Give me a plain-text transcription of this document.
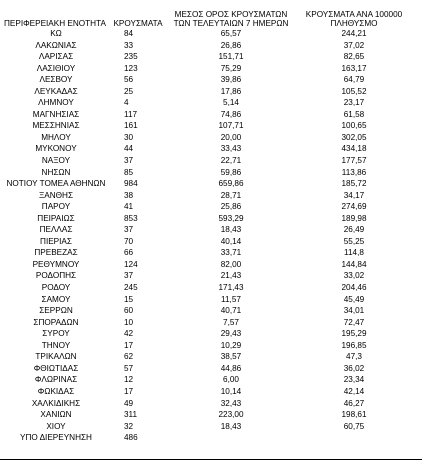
ΠΕΡΙΦΕΡΕΙΑΚΗ ΕΝΟΤΗΤΑ	ΚΡΟΥΣΜΑΤΑ	ΜΕΣΟΣ ΟΡΟΣ ΚΡΟΥΣΜΑΤΩΝ ΤΩΝ ΤΕΛΕΥΤΑΙΩΝ 7 ΗΜΕΡΩΝ	ΚΡΟΥΣΜΑΤΑ ΑΝΑ 100000 ΠΛΗΘΥΣΜΟ
ΚΩ	84	65,57	244,21
ΛΑΚΩΝΙΑΣ	33	26,86	37,02
ΛΑΡΙΣΑΣ	235	151,71	82,65
ΛΑΣΙΘΙΟΥ	123	75,29	163,17
ΛΕΣΒΟΥ	56	39,86	64,79
ΛΕΥΚΑΔΑΣ	25	17,86	105,52
ΛΗΜΝΟΥ	4	5,14	23,17
ΜΑΓΝΗΣΙΑΣ	117	74,86	61,58
ΜΕΣΣΗΝΙΑΣ	161	107,71	100,65
ΜΗΛΟΥ	30	20,00	302,05
ΜΥΚΟΝΟΥ	44	33,43	434,18
ΝΑΞΟΥ	37	22,71	177,57
ΝΗΣΩΝ	85	59,86	113,86
ΝΟΤΙΟΥ ΤΟΜΕΑ ΑΘΗΝΩΝ	984	659,86	185,72
ΞΑΝΘΗΣ	38	28,71	34,17
ΠΑΡΟΥ	41	25,86	274,69
ΠΕΙΡΑΙΩΣ	853	593,29	189,98
ΠΕΛΛΑΣ	37	18,43	26,49
ΠΙΕΡΙΑΣ	70	40,14	55,25
ΠΡΕΒΕΖΑΣ	66	33,71	114,8
ΡΕΘΥΜΝΟΥ	124	82,00	144,84
ΡΟΔΟΠΗΣ	37	21,43	33,02
ΡΟΔΟΥ	245	171,43	204,46
ΣΑΜΟΥ	15	11,57	45,49
ΣΕΡΡΩΝ	60	40,71	34,01
ΣΠΟΡΑΔΩΝ	10	7,57	72,47
ΣΥΡΟΥ	42	29,43	195,29
ΤΗΝΟΥ	17	10,29	196,85
ΤΡΙΚΑΛΩΝ	62	38,57	47,3
ΦΘΙΩΤΙΔΑΣ	57	44,86	36,02
ΦΛΩΡΙΝΑΣ	12	6,00	23,34
ΦΩΚΙΔΑΣ	17	10,14	42,14
ΧΑΛΚΙΔΙΚΗΣ	49	32,43	46,27
ΧΑΝΙΩΝ	311	223,00	198,61
ΧΙΟΥ	32	18,43	60,75
ΥΠΟ ΔΙΕΡΕΥΝΗΣΗ	486		
